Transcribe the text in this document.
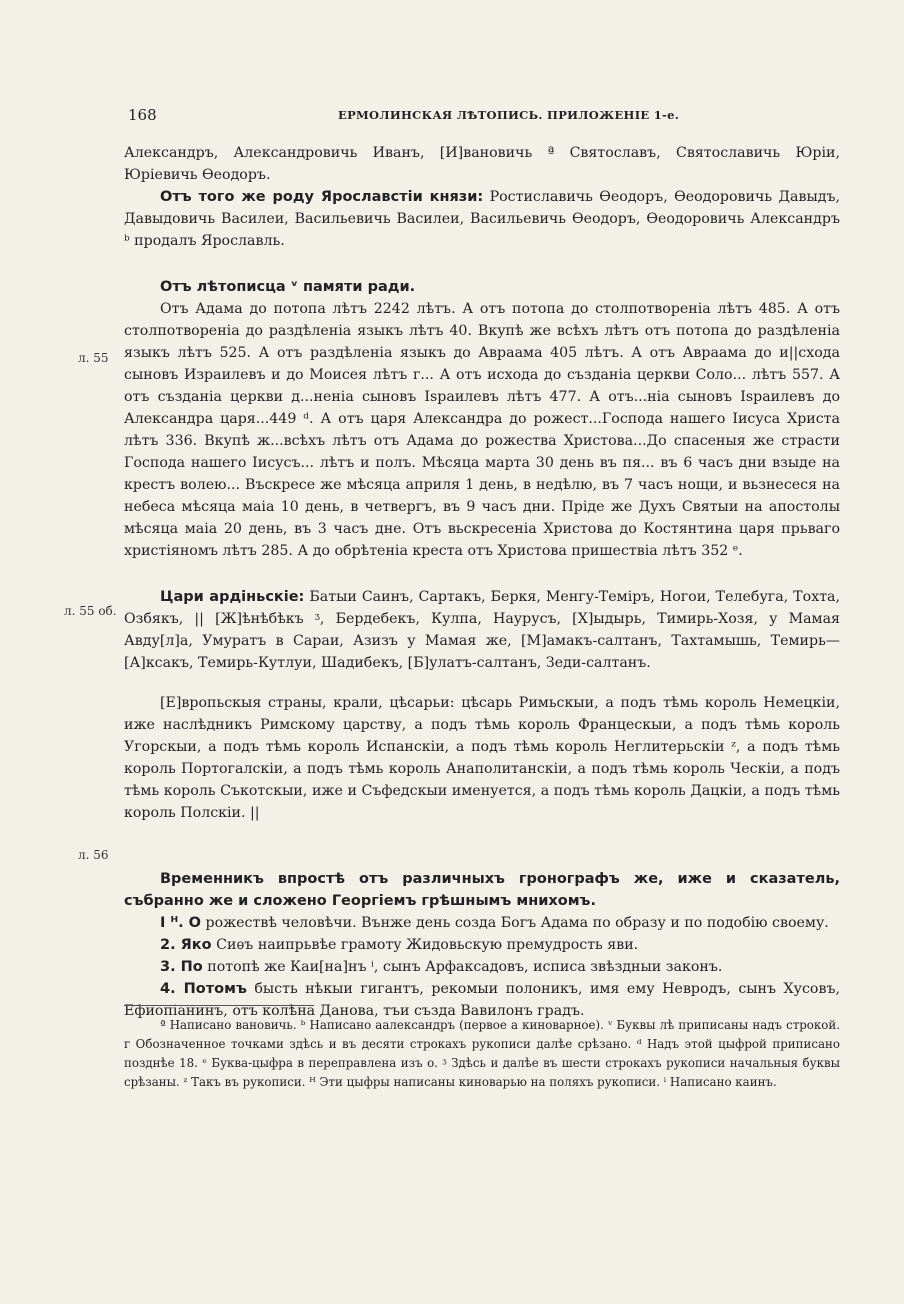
168	ЕРМОЛИНСКАЯ ЛѢТОПИСЬ. ПРИЛОЖЕНІЕ 1-е.
л. 55
л. 55 об.
л. 56

Александръ, Александровичь Иванъ, [И]вановичь ª Святославъ, Святославичь Юріи, Юріевичь Ѳеодоръ.

Отъ того же роду Ярославстіи князи: Ростиславичь Ѳеодоръ, Ѳеодоровичь Давыдъ, Давыдовичь Василеи, Васильевичь Василеи, Васильевичь Ѳеодоръ, Ѳеодоровичь Александръ ᵇ продалъ Ярославль.

Отъ лѣтописца ᵛ памяти ради.

Отъ Адама до потопа лѣтъ 2242 лѣтъ. А отъ потопа до столпотвореніа лѣтъ 485. А отъ столпотвореніа до раздѣленіа языкъ лѣтъ 40. Вкупѣ же всѣхъ лѣтъ отъ потопа до раздѣленіа языкъ лѣтъ 525. А отъ раздѣленіа языкъ до Авраама 405 лѣтъ. А отъ Авраама до и||схода сыновъ Израилевъ и до Моисея лѣтъ ᴦ... А отъ исхода до създаніа церкви Соло... лѣтъ 557. А отъ създаніа церкви д...неніа сыновъ Іѕраилевъ лѣтъ 477. А отъ...ніа сыновъ Іѕраилевъ до Александра царя...449 ᵈ. А отъ царя Александра до рожест...Господа нашего Іисуса Христа лѣтъ 336. Вкупѣ ж...всѣхъ лѣтъ отъ Адама до рожества Христова...До спасеныя же страсти Господа нашего Іисусъ... лѣтъ и полъ. Мѣсяца марта 30 день въ пя... въ 6 часъ дни взыде на крестъ волею... Въскресе же мѣсяца априля 1 день, в недѣлю, въ 7 часъ нощи, и вьзнесеся на небеса мѣсяца маіа 10 день, в четвергъ, въ 9 часъ дни. Пріде же Духъ Святыи на апостолы мѣсяца маіа 20 день, въ 3 часъ дне. Отъ вьскресеніа Христова до Костянтина царя прьваго христіяномъ лѣтъ 285. А до обрѣтеніа креста отъ Христова пришествіа лѣтъ 352 ᵉ.

Цари ардіньскіе: Батыи Саинъ, Сартакъ, Беркя, Менгу-Теміръ, Ногои, Телебуга, Тохта, Озбякъ, || [Ж]ѣнѣбѣкъ ᶾ, Бердебекъ, Кулпа, Наурусъ, [Х]ыдырь, Тимирь-Хозя, у Мамая Авду[л]а, Умуратъ в Сараи, Азизъ у Мамая же, [М]амакъ-салтанъ, Тахтамышь, Темирь—[А]ксакъ, Темирь-Кутлуи, Шадибекъ, [Б]улатъ-салтанъ, Зеди-салтанъ.

[Е]вропьскыя страны, крали, цѣсарьи: цѣсарь Римьскыи, а подъ тѣмь король Немецкіи, иже наслѣдникъ Римскому царству, а подъ тѣмь король Францескыи, а подъ тѣмь король Угорскыи, а подъ тѣмь король Испанскіи, а подъ тѣмь король Неглитерьскіи ᶻ, а подъ тѣмь король Портогалскіи, а подъ тѣмь король Анаполитанскіи, а подъ тѣмь король Ческіи, а подъ тѣмь король Съкотскыи, иже и Съфедскыи именуется, а подъ тѣмь король Дацкіи, а подъ тѣмь король Полскіи. ||

Временникъ впростѣ отъ различныхъ гронографъ же, иже и сказатель, събранно же и сложено Георгіемъ грѣшнымъ мнихомъ.

І ᴴ. О рожествѣ человѣчи. Вънже день созда Богъ Адама по образу и по подобію своему.

2. Яко Сиѳъ наипрьвѣе грамоту Жидовьскую премудрость яви.

3. По потопѣ же Каи[на]нъ ⁱ, сынъ Арфаксадовъ, исписа звѣздныи законъ.

4. Потомъ бысть нѣкыи гигантъ, рекомыи полоникъ, имя ему Невродъ, сынъ Хусовъ, Ефиопіанинъ, отъ колѣна Данова, тъи създа Вавилонъ градъ.

ª Написано вановичь. ᵇ Написано аалександръ (первое а киноварное). ᵛ Буквы лѣ приписаны надъ строкой. ᴦ Обозначенное точками здѣсь и въ десяти строкахъ рукописи далѣе срѣзано. ᵈ Надъ этой цыфрой приписано позднѣе 18. ᵉ Буква-цыфра в переправлена изъ о. ᶾ Здѣсь и далѣе въ шести строкахъ рукописи начальныя буквы срѣзаны. ᶻ Такъ въ рукописи. ᴴ Эти цыфры написаны киноварью на поляхъ рукописи. ⁱ Написано каинъ.
